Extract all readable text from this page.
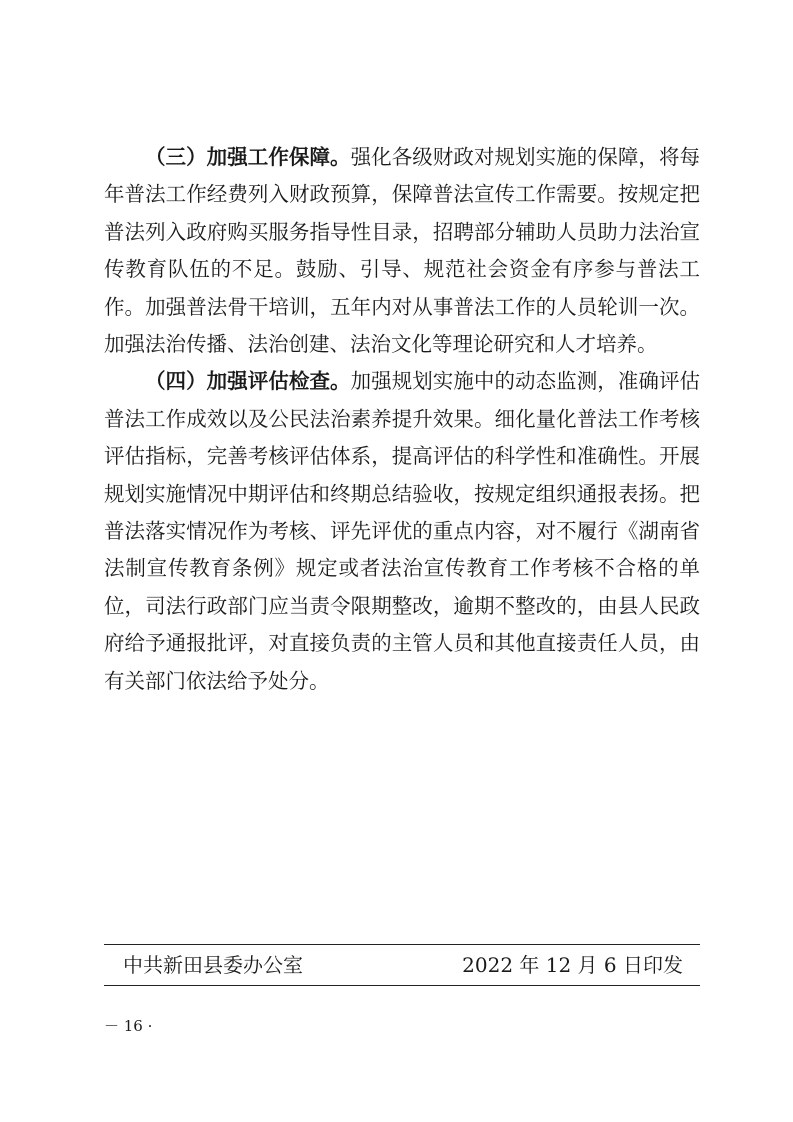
（三）加强工作保障。强化各级财政对规划实施的保障，将每年普法工作经费列入财政预算，保障普法宣传工作需要。按规定把普法列入政府购买服务指导性目录，招聘部分辅助人员助力法治宣传教育队伍的不足。鼓励、引导、规范社会资金有序参与普法工作。加强普法骨干培训，五年内对从事普法工作的人员轮训一次。加强法治传播、法治创建、法治文化等理论研究和人才培养。

（四）加强评估检查。加强规划实施中的动态监测，准确评估普法工作成效以及公民法治素养提升效果。细化量化普法工作考核评估指标，完善考核评估体系，提高评估的科学性和准确性。开展规划实施情况中期评估和终期总结验收，按规定组织通报表扬。把普法落实情况作为考核、评先评优的重点内容，对不履行《湖南省法制宣传教育条例》规定或者法治宣传教育工作考核不合格的单位，司法行政部门应当责令限期整改，逾期不整改的，由县人民政府给予通报批评，对直接负责的主管人员和其他直接责任人员，由有关部门依法给予处分。

中共新田县委办公室	2022 年 12 月 6 日印发
－ 16 ·
